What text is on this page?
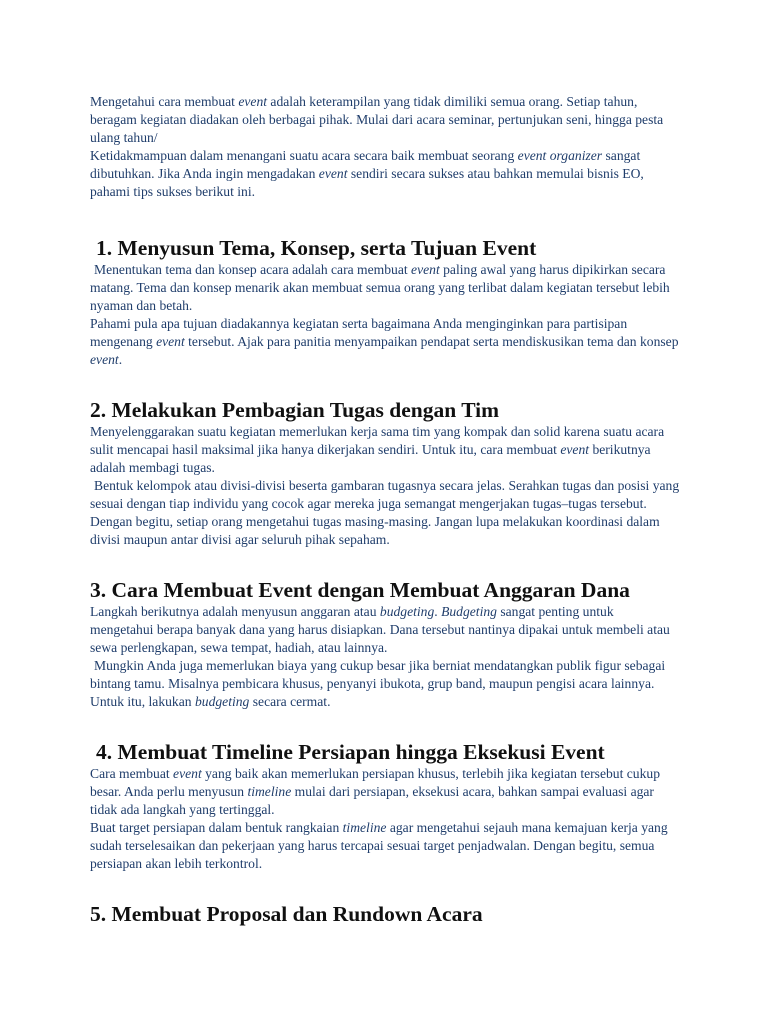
Mengetahui cara membuat event adalah keterampilan yang tidak dimiliki semua orang. Setiap tahun, beragam kegiatan diadakan oleh berbagai pihak. Mulai dari acara seminar, pertunjukan seni, hingga pesta ulang tahun/

Ketidakmampuan dalam menangani suatu acara secara baik membuat seorang event organizer sangat dibutuhkan. Jika Anda ingin mengadakan event sendiri secara sukses atau bahkan memulai bisnis EO, pahami tips sukses berikut ini.

1. Menyusun Tema, Konsep, serta Tujuan Event

Menentukan tema dan konsep acara adalah cara membuat event paling awal yang harus dipikirkan secara matang. Tema dan konsep menarik akan membuat semua orang yang terlibat dalam kegiatan tersebut lebih nyaman dan betah.

Pahami pula apa tujuan diadakannya kegiatan serta bagaimana Anda menginginkan para partisipan mengenang event tersebut. Ajak para panitia menyampaikan pendapat serta mendiskusikan tema dan konsep event.

2. Melakukan Pembagian Tugas dengan Tim

Menyelenggarakan suatu kegiatan memerlukan kerja sama tim yang kompak dan solid karena suatu acara sulit mencapai hasil maksimal jika hanya dikerjakan sendiri. Untuk itu, cara membuat event berikutnya adalah membagi tugas.

Bentuk kelompok atau divisi-divisi beserta gambaran tugasnya secara jelas. Serahkan tugas dan posisi yang sesuai dengan tiap individu yang cocok agar mereka juga semangat mengerjakan tugas–tugas tersebut. Dengan begitu, setiap orang mengetahui tugas masing-masing. Jangan lupa melakukan koordinasi dalam divisi maupun antar divisi agar seluruh pihak sepaham.

3. Cara Membuat Event dengan Membuat Anggaran Dana

Langkah berikutnya adalah menyusun anggaran atau budgeting. Budgeting sangat penting untuk mengetahui berapa banyak dana yang harus disiapkan. Dana tersebut nantinya dipakai untuk membeli atau sewa perlengkapan, sewa tempat, hadiah, atau lainnya.

Mungkin Anda juga memerlukan biaya yang cukup besar jika berniat mendatangkan publik figur sebagai bintang tamu. Misalnya pembicara khusus, penyanyi ibukota, grup band, maupun pengisi acara lainnya. Untuk itu, lakukan budgeting secara cermat.

4. Membuat Timeline Persiapan hingga Eksekusi Event

Cara membuat event yang baik akan memerlukan persiapan khusus, terlebih jika kegiatan tersebut cukup besar. Anda perlu menyusun timeline mulai dari persiapan, eksekusi acara, bahkan sampai evaluasi agar tidak ada langkah yang tertinggal.

Buat target persiapan dalam bentuk rangkaian timeline agar mengetahui sejauh mana kemajuan kerja yang sudah terselesaikan dan pekerjaan yang harus tercapai sesuai target penjadwalan. Dengan begitu, semua persiapan akan lebih terkontrol.

5. Membuat Proposal dan Rundown Acara
